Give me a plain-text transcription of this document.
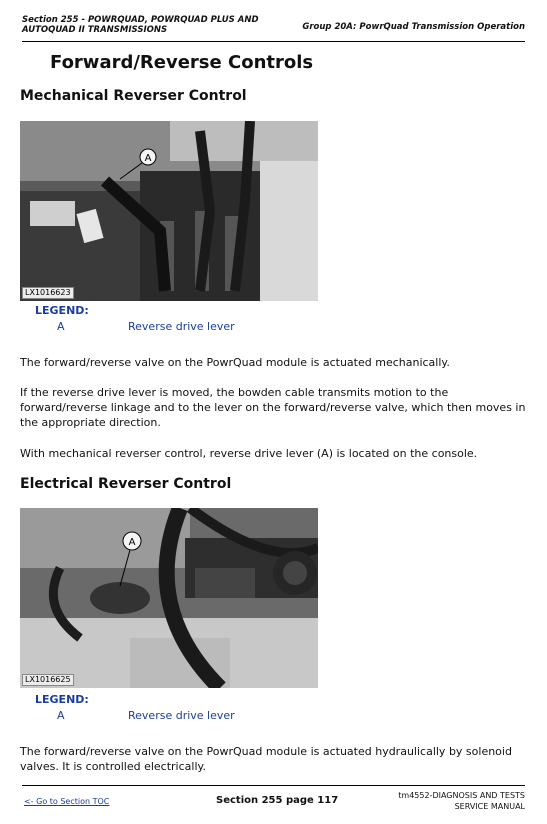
Section 255 - POWRQUAD, POWRQUAD PLUS AND
AUTOQUAD II TRANSMISSIONS	Group 20A: PowrQuad Transmission Operation
Forward/Reverse Controls
Mechanical Reverser Control
A
LX1016623
LEGEND:
A	Reverse drive lever
The forward/reverse valve on the PowrQuad module is actuated mechanically.
If the reverse drive lever is moved, the bowden cable transmits motion to the forward/reverse linkage and to the lever on the forward/reverse valve, which then moves in the appropriate direction.
With mechanical reverser control, reverse drive lever (A) is located on the console.
Electrical Reverser Control
A
LX1016625
LEGEND:
A	Reverse drive lever
The forward/reverse valve on the PowrQuad module is actuated hydraulically by solenoid valves. It is controlled electrically.
<- Go to Section TOC	Section 255 page 117	tm4552-DIAGNOSIS AND TESTS
SERVICE MANUAL
